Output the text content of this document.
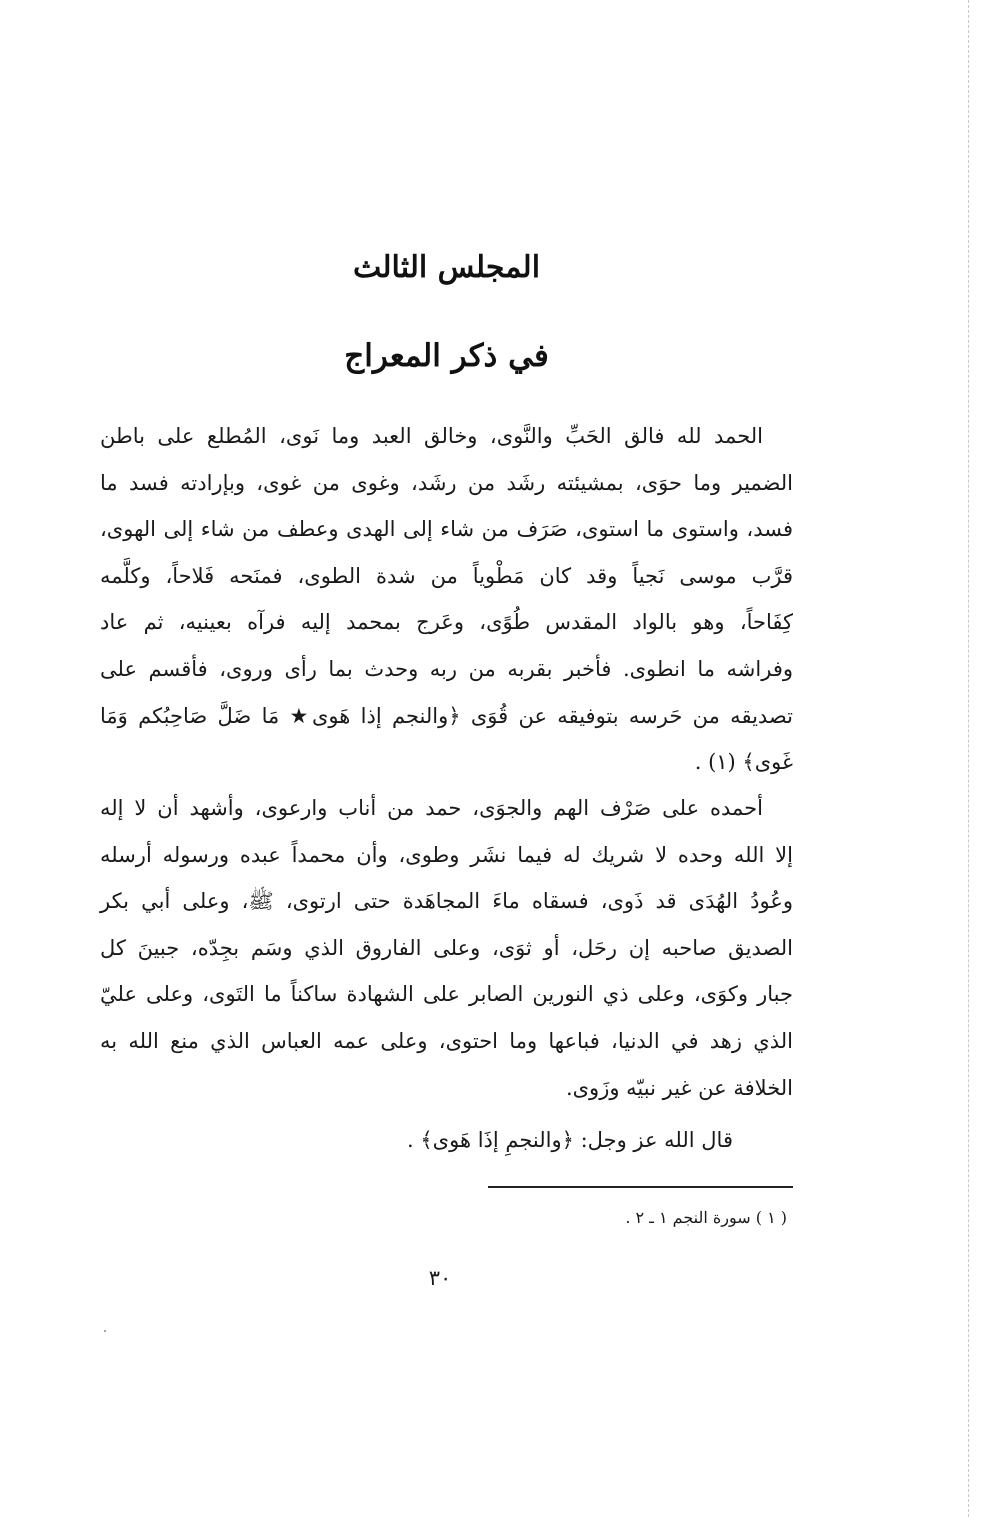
المجلس الثالث
في ذكر المعراج
الحمد لله فالق الحَبِّ والنَّوى، وخالق العبد وما نَوى، المُطلع على باطن
الضمير وما حوَى، بمشيئته رشَد من رشَد، وغوى من غوى، وبإرادته فسد ما
فسد، واستوى ما استوى، صَرَف من شاء إلى الهدى وعطف من شاء إلى الهوى،
قرَّب موسى نَجياً وقد كان مَطْوياً من شدة الطوى، فمنَحه فَلاحاً، وكلَّمه
كِفَاحاً، وهو بالواد المقدس طُوًى، وعَرج بمحمد إليه فرآه بعينيه، ثم عاد
وفراشه ما انطوى. فأخبر بقربه من ربه وحدث بما رأى وروى، فأقسم على
تصديقه من حَرسه بتوفيقه عن قُوَى ﴿والنجم إذا هَوى★ مَا ضَلَّ صَاحِبُكم وَمَا
غَوى﴾ (١) .
أحمده على صَرْف الهم والجوَى، حمد من أناب وارعوى، وأشهد أن لا إله
إلا الله وحده لا شريك له فيما نشَر وطوى، وأن محمداً عبده ورسوله أرسله
وعُودُ الهُدَى قد ذَوى، فسقاه ماءَ المجاهَدة حتى ارتوى، ﷺ، وعلى أبي بكر
الصديق صاحبه إن رحَل، أو ثوَى، وعلى الفاروق الذي وسَم بجِدّه، جبينَ كل
جبار وكوَى، وعلى ذي النورين الصابر على الشهادة ساكناً ما التَوى، وعلى عليّ
الذي زهد في الدنيا، فباعها وما احتوى، وعلى عمه العباس الذي منع الله به
الخلافة عن غير نبيّه وزَوى.
قال الله عز وجل: ﴿والنجمِ إذَا هَوى﴾ .
( ١ ) سورة النجم ١ ـ ٢ .
٣٠
